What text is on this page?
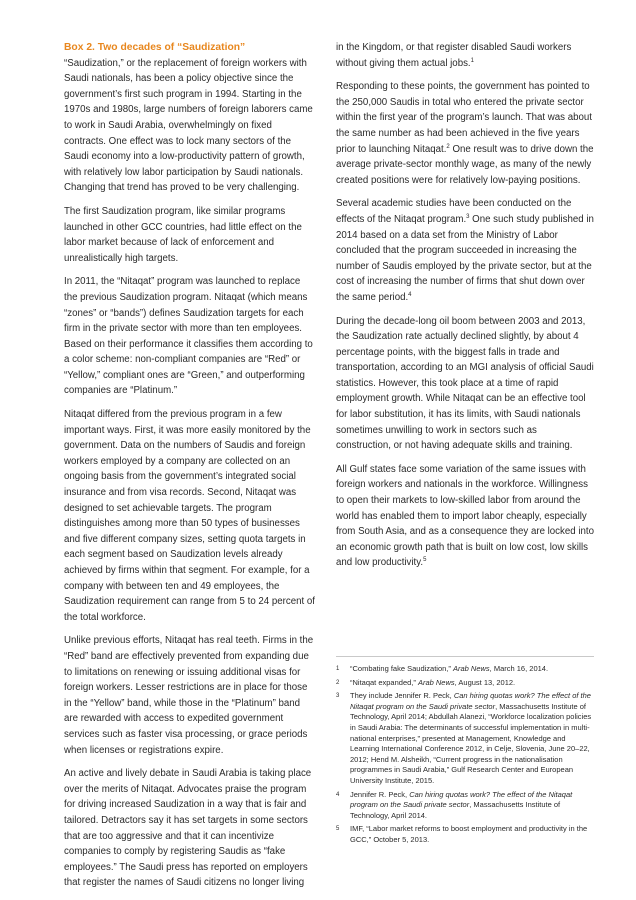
Box 2. Two decades of “Saudization”

“Saudization,” or the replacement of foreign workers with Saudi nationals, has been a policy objective since the government’s first such program in 1994. Starting in the 1970s and 1980s, large numbers of foreign laborers came to work in Saudi Arabia, overwhelmingly on fixed contracts. One effect was to lock many sectors of the Saudi economy into a low-productivity pattern of growth, with relatively low labor participation by Saudi nationals. Changing that trend has proved to be very challenging.

The first Saudization program, like similar programs launched in other GCC countries, had little effect on the labor market because of lack of enforcement and unrealistically high targets.

In 2011, the “Nitaqat” program was launched to replace the previous Saudization program. Nitaqat (which means “zones” or “bands”) defines Saudization targets for each firm in the private sector with more than ten employees. Based on their performance it classifies them according to a color scheme: non-compliant companies are “Red” or “Yellow,” compliant ones are “Green,” and outperforming companies are “Platinum.”

Nitaqat differed from the previous program in a few important ways. First, it was more easily monitored by the government. Data on the numbers of Saudis and foreign workers employed by a company are collected on an ongoing basis from the government’s integrated social insurance and from visa records. Second, Nitaqat was designed to set achievable targets. The program distinguishes among more than 50 types of businesses and five different company sizes, setting quota targets in each segment based on Saudization levels already achieved by firms within that segment. For example, for a company with between ten and 49 employees, the Saudization requirement can range from 5 to 24 percent of the total workforce.

Unlike previous efforts, Nitaqat has real teeth. Firms in the “Red” band are effectively prevented from expanding due to limitations on renewing or issuing additional visas for foreign workers. Lesser restrictions are in place for those in the “Yellow” band, while those in the “Platinum” band are rewarded with access to expedited government services such as faster visa processing, or grace periods when licenses or registrations expire.

An active and lively debate in Saudi Arabia is taking place over the merits of Nitaqat. Advocates praise the program for driving increased Saudization in a way that is fair and tailored. Detractors say it has set targets in some sectors that are too aggressive and that it can incentivize companies to comply by registering Saudis as “fake employees.” The Saudi press has reported on employers that register the names of Saudi citizens no longer living

in the Kingdom, or that register disabled Saudi workers without giving them actual jobs.$^1$

Responding to these points, the government has pointed to the 250,000 Saudis in total who entered the private sector within the first year of the program’s launch. That was about the same number as had been achieved in the five years prior to launching Nitaqat.$^2$ One result was to drive down the average private-sector monthly wage, as many of the newly created positions were for relatively low-paying positions.

Several academic studies have been conducted on the effects of the Nitaqat program.$^3$ One such study published in 2014 based on a data set from the Ministry of Labor concluded that the program succeeded in increasing the number of Saudis employed by the private sector, but at the cost of increasing the number of firms that shut down over the same period.$^4$

During the decade-long oil boom between 2003 and 2013, the Saudization rate actually declined slightly, by about 4 percentage points, with the biggest falls in trade and transportation, according to an MGI analysis of official Saudi statistics. However, this took place at a time of rapid employment growth. While Nitaqat can be an effective tool for labor substitution, it has its limits, with Saudi nationals sometimes unwilling to work in sectors such as construction, or not having adequate skills and training.

All Gulf states face some variation of the same issues with foreign workers and nationals in the workforce. Willingness to open their markets to low-skilled labor from around the world has enabled them to import labor cheaply, especially from South Asia, and as a consequence they are locked into an economic growth path that is built on low cost, low skills and low productivity.$^5$

1	“Combating fake Saudization,” Arab News, March 16, 2014.
2	“Nitaqat expanded,” Arab News, August 13, 2012.
3	They include Jennifer R. Peck, Can hiring quotas work? The effect of the Nitaqat program on the Saudi private sector, Massachusetts Institute of Technology, April 2014; Abdullah Alanezi, “Workforce localization policies in Saudi Arabia: The determinants of successful implementation in multi-national enterprises,” presented at Management, Knowledge and Learning International Conference 2012, in Celje, Slovenia, June 20–22, 2012; Hend M. Alsheikh, “Current progress in the nationalisation programmes in Saudi Arabia,” Gulf Research Center and European University Institute, 2015.
4	Jennifer R. Peck, Can hiring quotas work? The effect of the Nitaqat program on the Saudi private sector, Massachusetts Institute of Technology, April 2014.
5	IMF, “Labor market reforms to boost employment and productivity in the GCC,” October 5, 2013.
